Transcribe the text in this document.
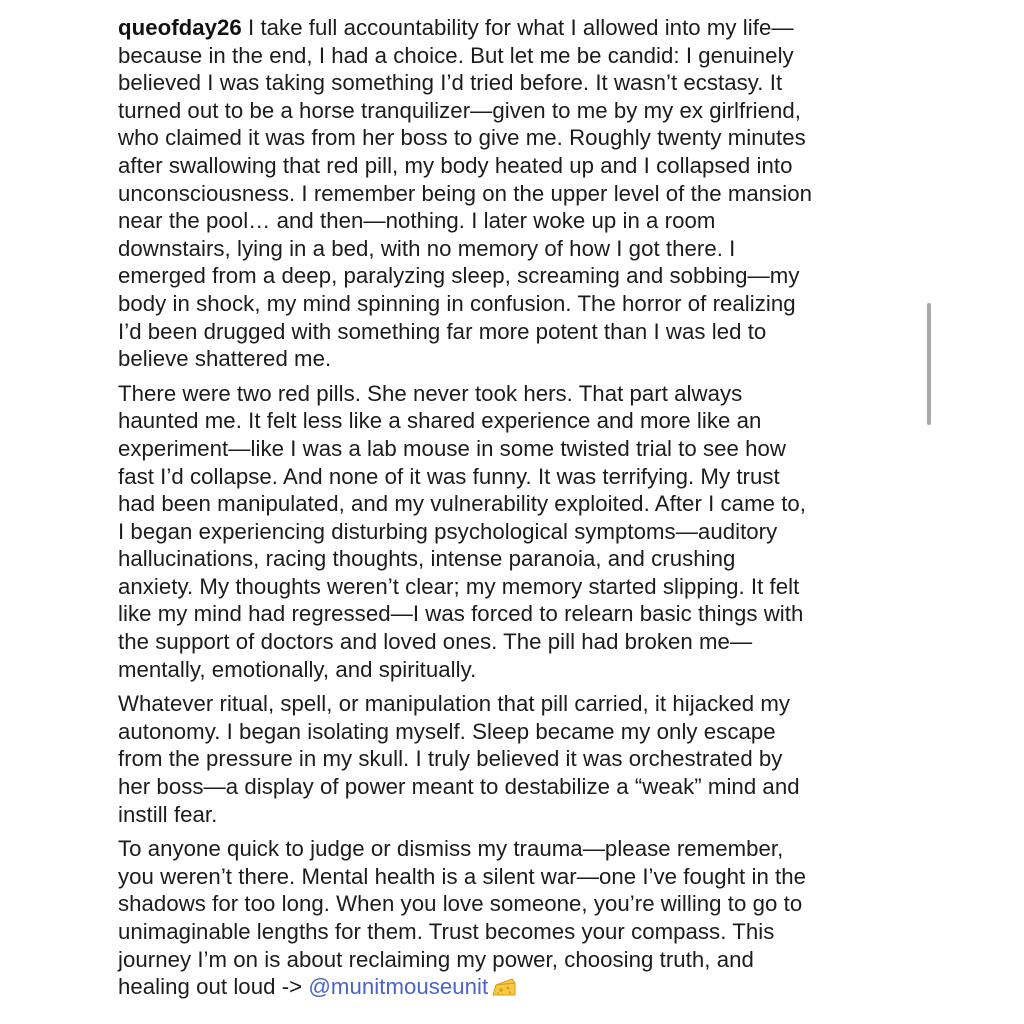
queofday26 I take full accountability for what I allowed into my life—
because in the end, I had a choice. But let me be candid: I genuinely
believed I was taking something I’d tried before. It wasn’t ecstasy. It
turned out to be a horse tranquilizer—given to me by my ex girlfriend,
who claimed it was from her boss to give me. Roughly twenty minutes
after swallowing that red pill, my body heated up and I collapsed into
unconsciousness. I remember being on the upper level of the mansion
near the pool… and then—nothing. I later woke up in a room
downstairs, lying in a bed, with no memory of how I got there. I
emerged from a deep, paralyzing sleep, screaming and sobbing—my
body in shock, my mind spinning in confusion. The horror of realizing
I’d been drugged with something far more potent than I was led to
believe shattered me.

There were two red pills. She never took hers. That part always
haunted me. It felt less like a shared experience and more like an
experiment—like I was a lab mouse in some twisted trial to see how
fast I’d collapse. And none of it was funny. It was terrifying. My trust
had been manipulated, and my vulnerability exploited. After I came to,
I began experiencing disturbing psychological symptoms—auditory
hallucinations, racing thoughts, intense paranoia, and crushing
anxiety. My thoughts weren’t clear; my memory started slipping. It felt
like my mind had regressed—I was forced to relearn basic things with
the support of doctors and loved ones. The pill had broken me—
mentally, emotionally, and spiritually.

Whatever ritual, spell, or manipulation that pill carried, it hijacked my
autonomy. I began isolating myself. Sleep became my only escape
from the pressure in my skull. I truly believed it was orchestrated by
her boss—a display of power meant to destabilize a “weak” mind and
instill fear.

To anyone quick to judge or dismiss my trauma—please remember,
you weren’t there. Mental health is a silent war—one I’ve fought in the
shadows for too long. When you love someone, you’re willing to go to
unimaginable lengths for them. Trust becomes your compass. This
journey I’m on is about reclaiming my power, choosing truth, and
healing out loud -> @munitmouseunit
